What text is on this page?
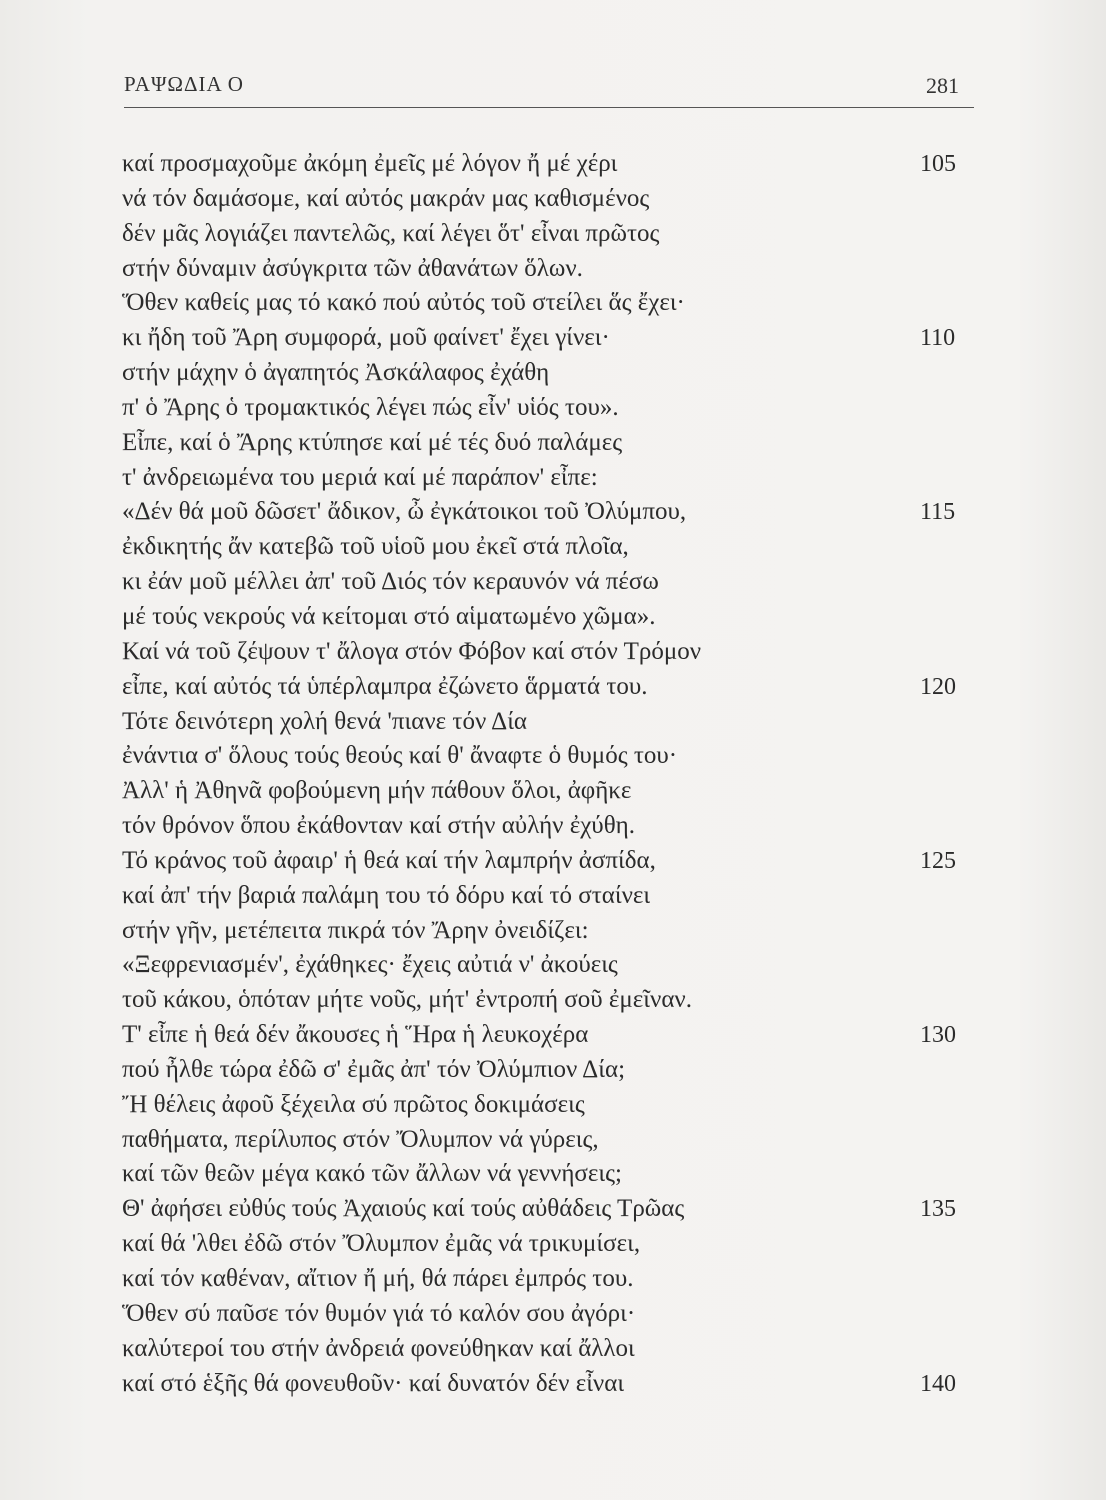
ΡΑΨΩΔΙΑ Ο	281
καί προσμαχοῦμε ἀκόμη ἐμεῖς μέ λόγον ἤ μέ χέρι	105
νά τόν δαμάσομε, καί αὐτός μακράν μας καθισμένος
δέν μᾶς λογιάζει παντελῶς, καί λέγει ὅτ' εἶναι πρῶτος
στήν δύναμιν ἀσύγκριτα τῶν ἀθανάτων ὅλων.
Ὅθεν καθείς μας τό κακό πού αὐτός τοῦ στείλει ἅς ἔχει·
κι ἤδη τοῦ Ἄρη συμφορά, μοῦ φαίνετ' ἔχει γίνει·	110
στήν μάχην ὁ ἀγαπητός Ἀσκάλαφος ἐχάθη
π' ὁ Ἄρης ὁ τρομακτικός λέγει πώς εἶν' υἱός του».
Εἶπε, καί ὁ Ἄρης κτύπησε καί μέ τές δυό παλάμες
τ' ἀνδρειωμένα του μεριά καί μέ παράπον' εἶπε:
«Δέν θά μοῦ δῶσετ' ἄδικον, ὦ ἐγκάτοικοι τοῦ Ὀλύμπου,	115
ἐκδικητής ἄν κατεβῶ τοῦ υἱοῦ μου ἐκεῖ στά πλοῖα,
κι ἐάν μοῦ μέλλει ἀπ' τοῦ Διός τόν κεραυνόν νά πέσω
μέ τούς νεκρούς νά κείτομαι στό αἱματωμένο χῶμα».
Καί νά τοῦ ζέψουν τ' ἄλογα στόν Φόβον καί στόν Τρόμον
εἶπε, καί αὐτός τά ὑπέρλαμπρα ἐζώνετο ἅρματά του.	120
Τότε δεινότερη χολή θενά 'πιανε τόν Δία
ἐνάντια σ' ὅλους τούς θεούς καί θ' ἄναφτε ὁ θυμός του·
Ἀλλ' ἡ Ἀθηνᾶ φοβούμενη μήν πάθουν ὅλοι, ἀφῆκε
τόν θρόνον ὅπου ἐκάθονταν καί στήν αὐλήν ἐχύθη.
Τό κράνος τοῦ ἀφαιρ' ἡ θεά καί τήν λαμπρήν ἀσπίδα,	125
καί ἀπ' τήν βαριά παλάμη του τό δόρυ καί τό σταίνει
στήν γῆν, μετέπειτα πικρά τόν Ἄρην ὀνειδίζει:
«Ξεφρενιασμέν', ἐχάθηκες· ἔχεις αὐτιά ν' ἀκούεις
τοῦ κάκου, ὁπόταν μήτε νοῦς, μήτ' ἐντροπή σοῦ ἐμεῖναν.
Τ' εἶπε ἡ θεά δέν ἄκουσες ἡ Ἥρα ἡ λευκοχέρα	130
πού ἦλθε τώρα ἐδῶ σ' ἐμᾶς ἀπ' τόν Ὀλύμπιον Δία;
Ἤ θέλεις ἀφοῦ ξέχειλα σύ πρῶτος δοκιμάσεις
παθήματα, περίλυπος στόν Ὄλυμπον νά γύρεις,
καί τῶν θεῶν μέγα κακό τῶν ἄλλων νά γεννήσεις;
Θ' ἀφήσει εὐθύς τούς Ἀχαιούς καί τούς αὐθάδεις Τρῶας	135
καί θά 'λθει ἐδῶ στόν Ὄλυμπον ἐμᾶς νά τρικυμίσει,
καί τόν καθέναν, αἴτιον ἤ μή, θά πάρει ἐμπρός του.
Ὅθεν σύ παῦσε τόν θυμόν γιά τό καλόν σου ἀγόρι·
καλύτεροί του στήν ἀνδρειά φονεύθηκαν καί ἄλλοι
καί στό ἑξῆς θά φονευθοῦν· καί δυνατόν δέν εἶναι	140
